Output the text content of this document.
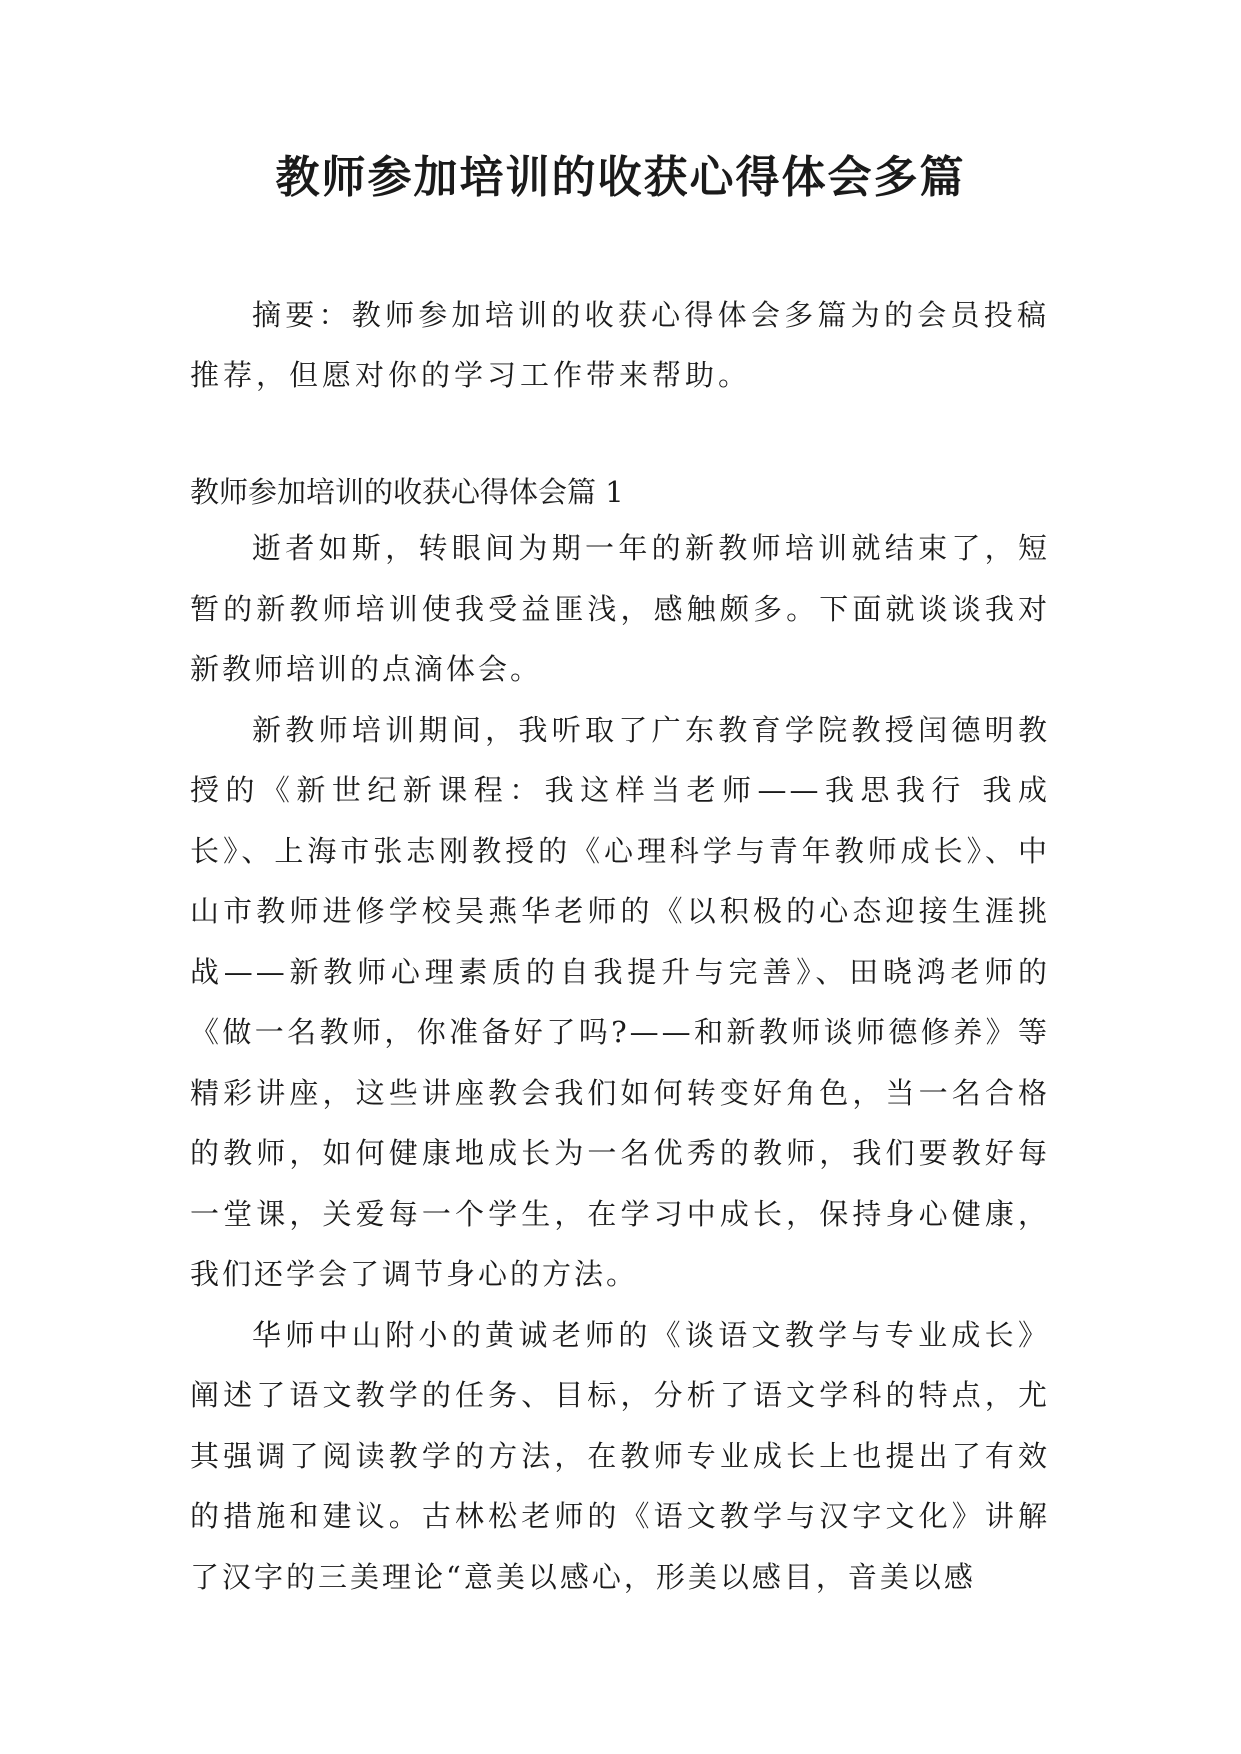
教师参加培训的收获心得体会多篇

摘要：教师参加培训的收获心得体会多篇为的会员投稿推荐，但愿对你的学习工作带来帮助。

教师参加培训的收获心得体会篇 1

逝者如斯，转眼间为期一年的新教师培训就结束了，短暂的新教师培训使我受益匪浅，感触颇多。下面就谈谈我对新教师培训的点滴体会。

新教师培训期间，我听取了广东教育学院教授闰德明教授的《新世纪新课程：我这样当老师——我思我行 我成长》、上海市张志刚教授的《心理科学与青年教师成长》、中山市教师进修学校吴燕华老师的《以积极的心态迎接生涯挑战——新教师心理素质的自我提升与完善》、田晓鸿老师的《做一名教师，你准备好了吗?——和新教师谈师德修养》等精彩讲座，这些讲座教会我们如何转变好角色，当一名合格的教师，如何健康地成长为一名优秀的教师，我们要教好每一堂课，关爱每一个学生，在学习中成长，保持身心健康，我们还学会了调节身心的方法。

华师中山附小的黄诚老师的《谈语文教学与专业成长》阐述了语文教学的任务、目标，分析了语文学科的特点，尤其强调了阅读教学的方法，在教师专业成长上也提出了有效的措施和建议。古林松老师的《语文教学与汉字文化》讲解了汉字的三美理论“意美以感心，形美以感目，音美以感
